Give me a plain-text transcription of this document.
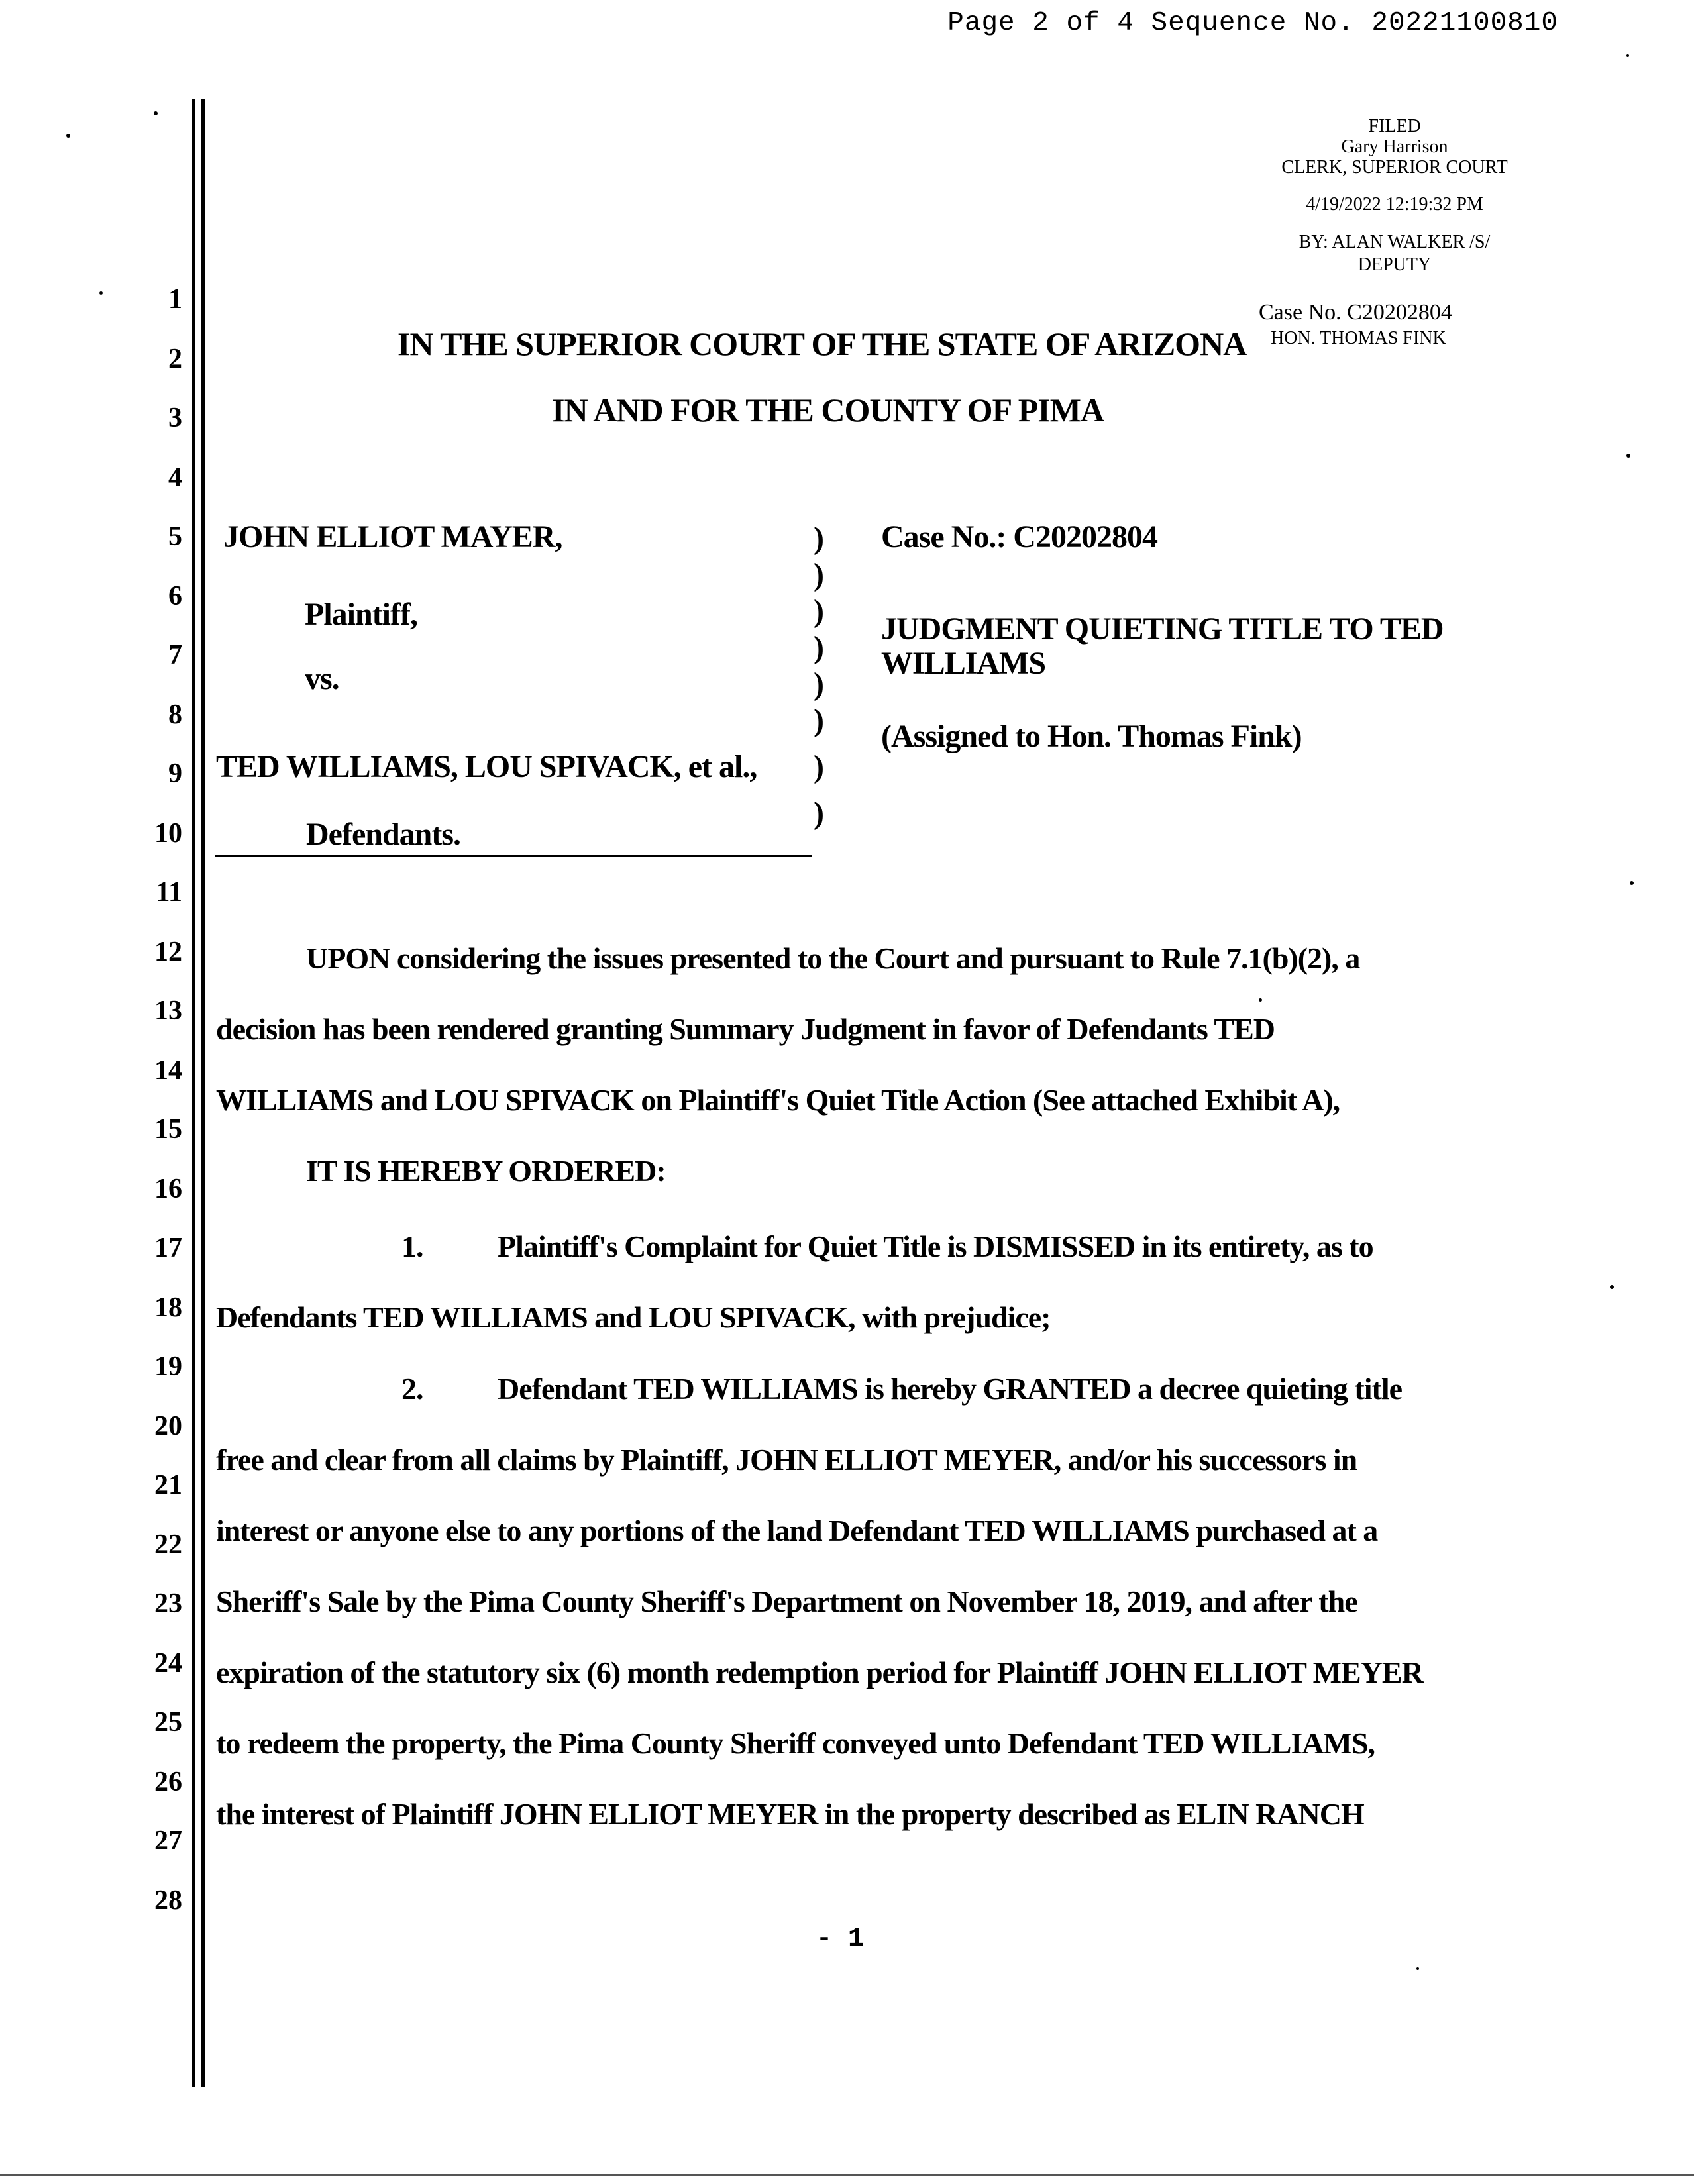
Page 2 of 4 Sequence No. 20221100810
FILED
Gary Harrison
CLERK, SUPERIOR COURT
4/19/2022 12:19:32 PM
BY: ALAN WALKER /S/
DEPUTY
Case No. C20202804
HON. THOMAS FINK
1
2
3
4
5
6
7
8
9
10
11
12
13
14
15
16
17
18
19
20
21
22
23
24
25
26
27
28
IN THE SUPERIOR COURT OF THE STATE OF ARIZONA
IN AND FOR THE COUNTY OF PIMA
JOHN ELLIOT MAYER,
Plaintiff,
vs.
TED WILLIAMS, LOU SPIVACK, et al.,
Defendants.
)
)
)
)
)
)
)
)
Case No.: C20202804
JUDGMENT QUIETING TITLE TO TED
WILLIAMS
(Assigned to Hon. Thomas Fink)
UPON considering the issues presented to the Court and pursuant to Rule 7.1(b)(2), a
decision has been rendered granting Summary Judgment in favor of Defendants TED
WILLIAMS and LOU SPIVACK on Plaintiff's Quiet Title Action (See attached Exhibit A),
IT IS HEREBY ORDERED:
1. Plaintiff's Complaint for Quiet Title is DISMISSED in its entirety, as to
Defendants TED WILLIAMS and LOU SPIVACK, with prejudice;
2. Defendant TED WILLIAMS is hereby GRANTED a decree quieting title
free and clear from all claims by Plaintiff, JOHN ELLIOT MEYER, and/or his successors in
interest or anyone else to any portions of the land Defendant TED WILLIAMS purchased at a
Sheriff's Sale by the Pima County Sheriff's Department on November 18, 2019, and after the
expiration of the statutory six (6) month redemption period for Plaintiff JOHN ELLIOT MEYER
to redeem the property, the Pima County Sheriff conveyed unto Defendant TED WILLIAMS,
the interest of Plaintiff JOHN ELLIOT MEYER in the property described as ELIN RANCH
- 1
